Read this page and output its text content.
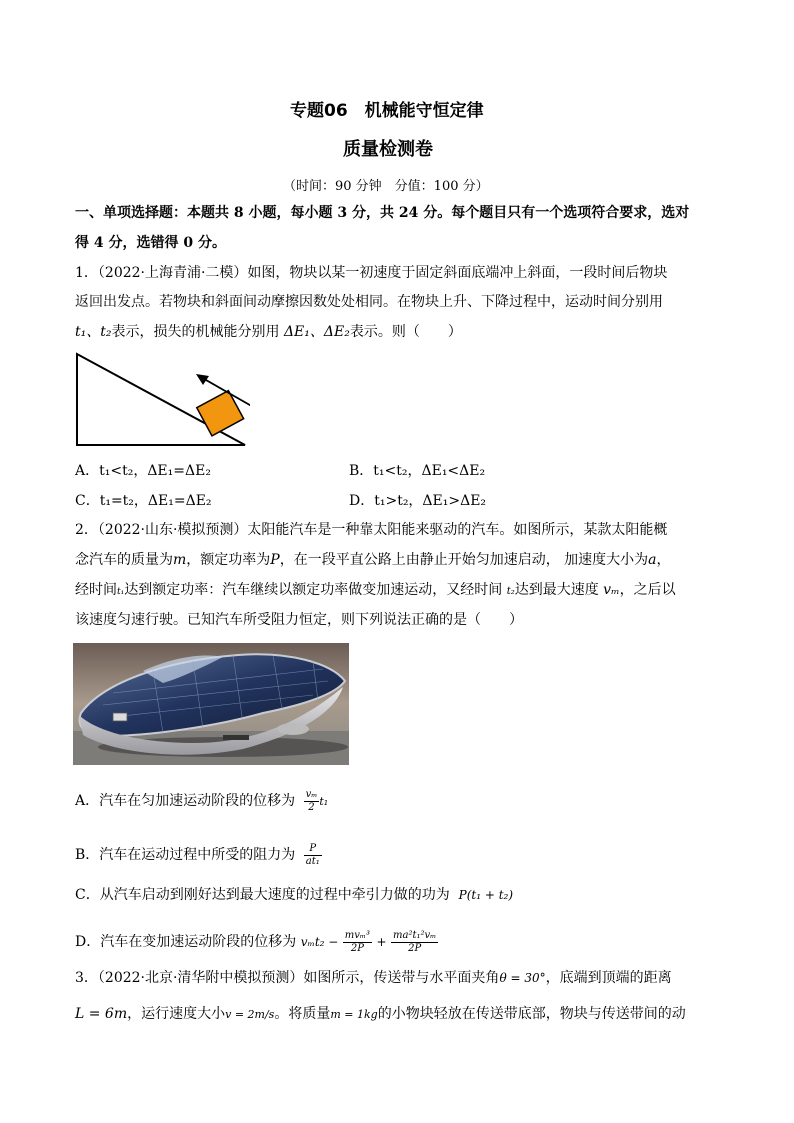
专题06　机械能守恒定律
质量检测卷
（时间：90 分钟　分值：100 分）
一、单项选择题：本题共 8 小题，每小题 3 分，共 24 分。每个题目只有一个选项符合要求，选对
得 4 分，选错得 0 分。
1．（2022·上海青浦·二模）如图，物块以某一初速度于固定斜面底端冲上斜面，一段时间后物块
返回出发点。若物块和斜面间动摩擦因数处处相同。在物块上升、下降过程中，运动时间分别用
t₁、t₂表示，损失的机械能分别用 ΔE₁、ΔE₂表示。则（　　）
A．t₁<t₂，ΔE₁=ΔE₂	B．t₁<t₂，ΔE₁<ΔE₂
C．t₁=t₂，ΔE₁=ΔE₂	D．t₁>t₂，ΔE₁>ΔE₂
2．（2022·山东·模拟预测）太阳能汽车是一种靠太阳能来驱动的汽车。如图所示，某款太阳能概
念汽车的质量为m，额定功率为P，在一段平直公路上由静止开始匀加速启动， 加速度大小为a，
经时间t₁达到额定功率：汽车继续以额定功率做变加速运动，又经时间 t₂达到最大速度 vₘ，之后以
该速度匀速行驶。已知汽车所受阻力恒定，则下列说法正确的是（　　）
A．汽车在匀加速运动阶段的位移为 $\frac{\text{vₘ}}{2} t_1$
B．汽车在运动过程中所受的阻力为 $\frac{P}{\text{at₁}}$
C．从汽车启动到刚好达到最大速度的过程中牵引力做的功为 P(t₁ + t₂)
D．汽车在变加速运动阶段的位移为 $v_mt_2 - \frac{\text{mvₘ³}}{2P} + \frac{\text{ma²t₁²vₘ}}{2P}$
3．（2022·北京·清华附中模拟预测）如图所示，传送带与水平面夹角θ = 30°，底端到顶端的距离
L = 6m，运行速度大小v = 2m/s。将质量m = 1kg的小物块轻放在传送带底部，物块与传送带间的动
